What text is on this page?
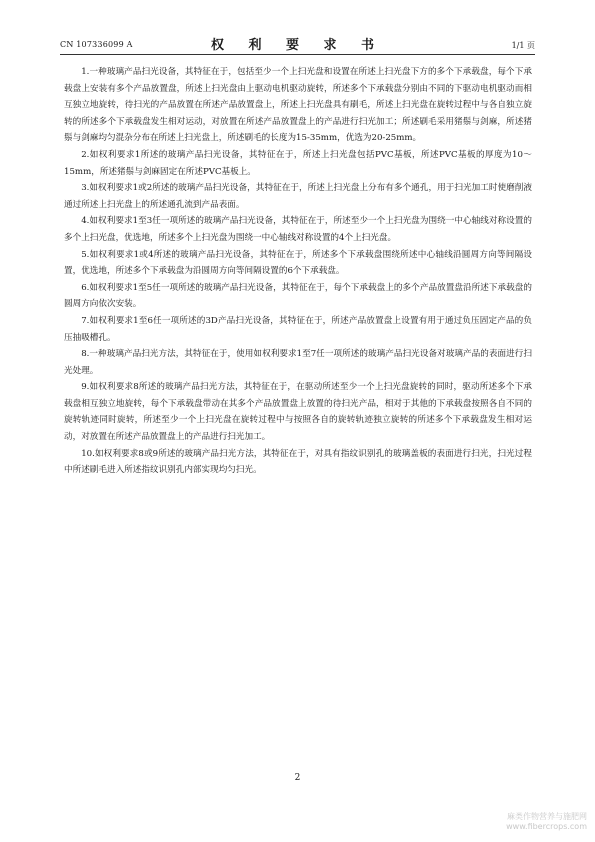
CN 107336099 A	权 利 要 求 书	1/1 页

1.一种玻璃产品扫光设备，其特征在于，包括至少一个上扫光盘和设置在所述上扫光盘下方的多个下承载盘，每个下承载盘上安装有多个产品放置盘，所述上扫光盘由上驱动电机驱动旋转，所述多个下承载盘分别由不同的下驱动电机驱动而相互独立地旋转，待扫光的产品放置在所述产品放置盘上，所述上扫光盘具有刷毛，所述上扫光盘在旋转过程中与各自独立旋转的所述多个下承载盘发生相对运动，对放置在所述产品放置盘上的产品进行扫光加工；所述刷毛采用猪鬃与剑麻，所述猪鬃与剑麻均匀混杂分布在所述上扫光盘上，所述刷毛的长度为15-35mm，优选为20-25mm。

2.如权利要求1所述的玻璃产品扫光设备，其特征在于，所述上扫光盘包括PVC基板，所述PVC基板的厚度为10～15mm，所述猪鬃与剑麻固定在所述PVC基板上。

3.如权利要求1或2所述的玻璃产品扫光设备，其特征在于，所述上扫光盘上分布有多个通孔，用于扫光加工时使磨削液通过所述上扫光盘上的所述通孔流到产品表面。

4.如权利要求1至3任一项所述的玻璃产品扫光设备，其特征在于，所述至少一个上扫光盘为围绕一中心轴线对称设置的多个上扫光盘，优选地，所述多个上扫光盘为围绕一中心轴线对称设置的4个上扫光盘。

5.如权利要求1或4所述的玻璃产品扫光设备，其特征在于，所述多个下承载盘围绕所述中心轴线沿圆周方向等间隔设置，优选地，所述多个下承载盘为沿圆周方向等间隔设置的6个下承载盘。

6.如权利要求1至5任一项所述的玻璃产品扫光设备，其特征在于，每个下承载盘上的多个产品放置盘沿所述下承载盘的圆周方向依次安装。

7.如权利要求1至6任一项所述的3D产品扫光设备，其特征在于，所述产品放置盘上设置有用于通过负压固定产品的负压抽吸槽孔。

8.一种玻璃产品扫光方法，其特征在于，使用如权利要求1至7任一项所述的玻璃产品扫光设备对玻璃产品的表面进行扫光处理。

9.如权利要求8所述的玻璃产品扫光方法，其特征在于，在驱动所述至少一个上扫光盘旋转的同时，驱动所述多个下承载盘相互独立地旋转，每个下承载盘带动在其多个产品放置盘上放置的待扫光产品，相对于其他的下承载盘按照各自不同的旋转轨迹同时旋转，所述至少一个上扫光盘在旋转过程中与按照各自的旋转轨迹独立旋转的所述多个下承载盘发生相对运动，对放置在所述产品放置盘上的产品进行扫光加工。

10.如权利要求8或9所述的玻璃产品扫光方法，其特征在于，对具有指纹识别孔的玻璃盖板的表面进行扫光，扫光过程中所述刷毛进入所述指纹识别孔内部实现均匀扫光。

2
麻类作物营养与施肥网
www.fibercrops.com
